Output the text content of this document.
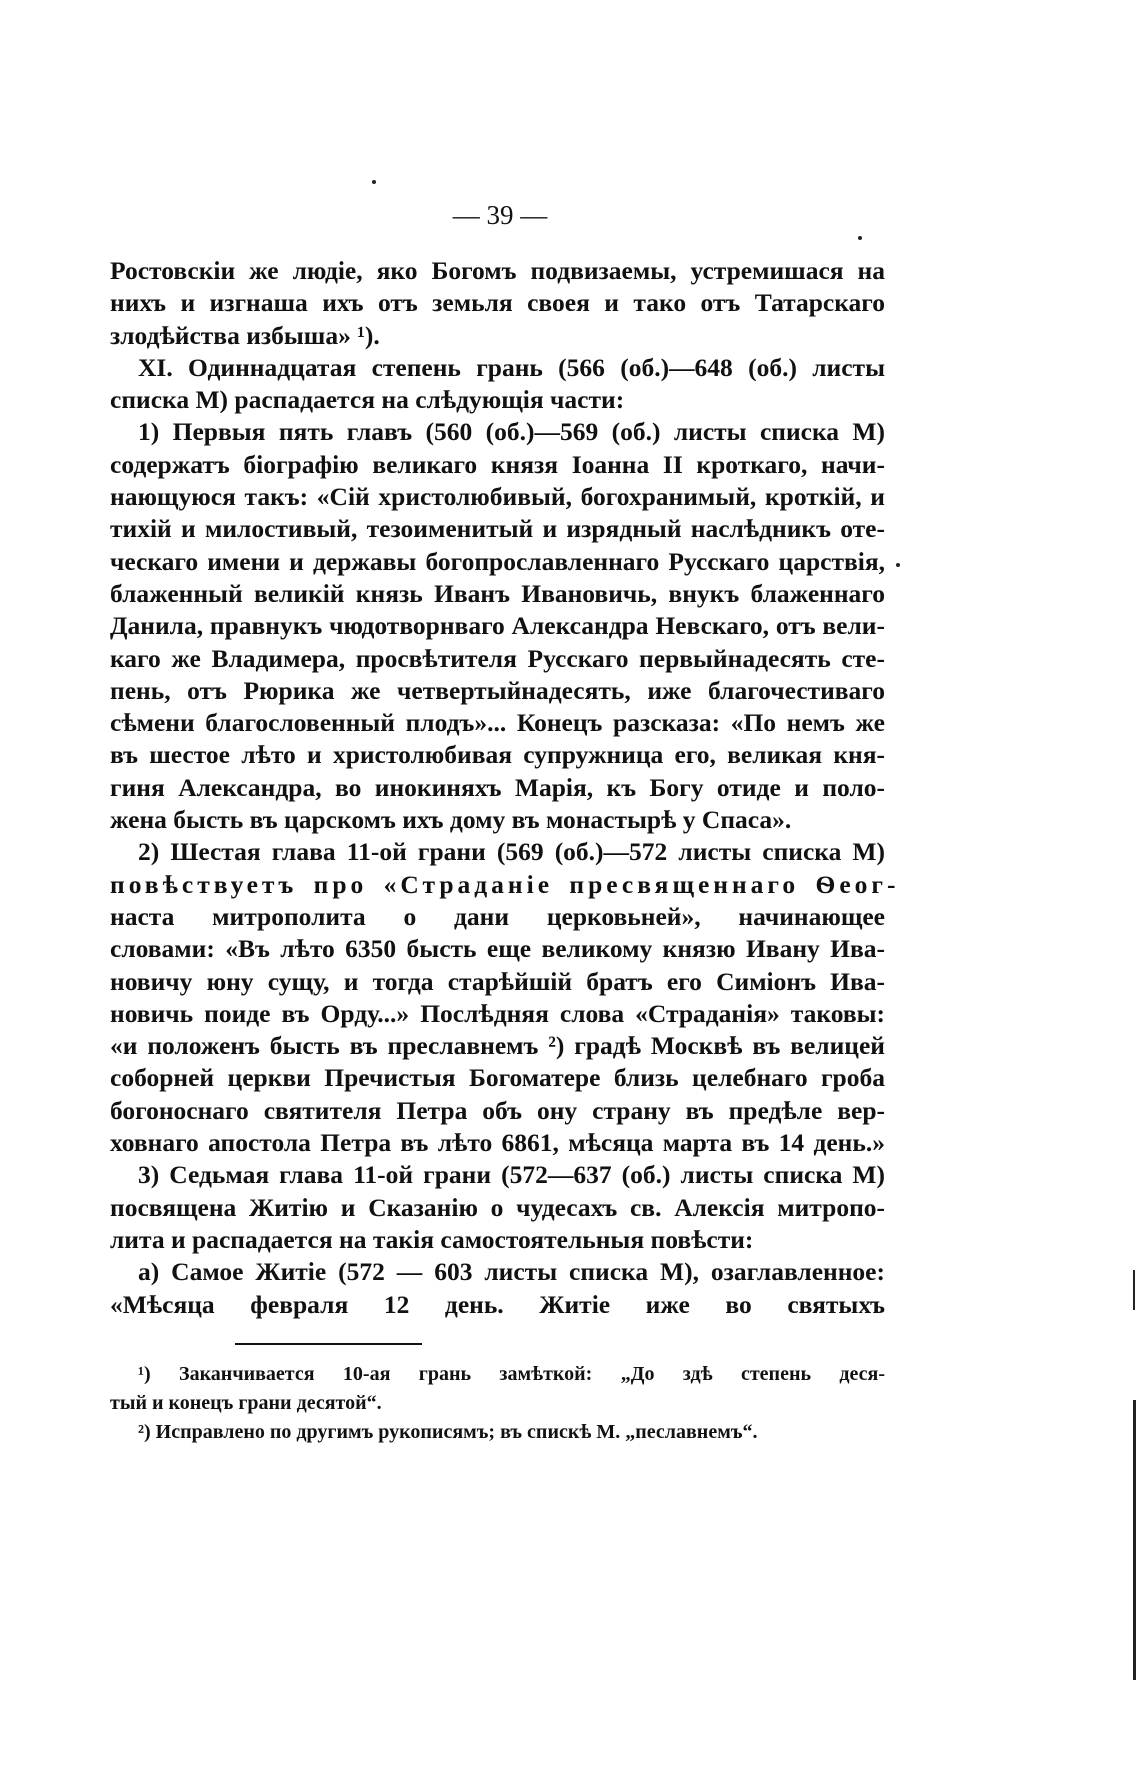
— 39 —
Ростовскіи же людіе, яко Богомъ подвизаемы, устремишася на
нихъ и изгнаша ихъ отъ земьля своея и тако отъ Татарскаго
злодѣйства избыша» ¹).
XI. Одиннадцатая степень грань (566 (об.)—648 (об.) листы
списка М) распадается на слѣдующія части:
1) Первыя пять главъ (560 (об.)—569 (об.) листы списка М)
содержатъ біографію великаго князя Іоанна II кроткаго, начи-
нающуюся такъ: «Сій христолюбивый, богохранимый, кроткій, и
тихій и милостивый, тезоименитый и изрядный наслѣдникъ оте-
ческаго имени и державы богопрославленнаго Русскаго царствія,
блаженный великій князь Иванъ Ивановичь, внукъ блаженнаго
Данила, правнукъ чюдотворнваго Александра Невскаго, отъ вели-
каго же Владимера, просвѣтителя Русскаго первыйнадесять сте-
пень, отъ Рюрика же четвертыйнадесять, иже благочестиваго
сѣмени благословенный плодъ»... Конецъ разсказа: «По немъ же
въ шестое лѣто и христолюбивая супружница его, великая кня-
гиня Александра, во инокиняхъ Марія, къ Богу отиде и поло-
жена бысть въ царскомъ ихъ дому въ монастырѣ у Спаса».
2) Шестая глава 11-ой грани (569 (об.)—572 листы списка М)
повѣствуетъ про «Страданіе пресвященнаго Ѳеог-
наста митрополита о дани церковьней», начинающее
словами: «Въ лѣто 6350 бысть еще великому князю Ивану Ива-
новичу юну сущу, и тогда старѣйшій братъ его Симіонъ Ива-
новичь поиде въ Орду...» Послѣдняя слова «Страданія» таковы:
«и положенъ бысть въ преславнемъ ²) градѣ Москвѣ въ велицей
соборней церкви Пречистыя Богоматере близь целебнаго гроба
богоноснаго святителя Петра объ ону страну въ предѣле вер-
ховнаго апостола Петра въ лѣто 6861, мѣсяца марта въ 14 день.»
3) Седьмая глава 11-ой грани (572—637 (об.) листы списка М)
посвящена Житію и Сказанію о чудесахъ св. Алексія митропо-
лита и распадается на такія самостоятельныя повѣсти:
а) Самое Житіе (572 — 603 листы списка М), озаглавленное:
«Мѣсяца февраля 12 день. Житіе иже во святыхъ
¹) Заканчивается 10-ая грань замѣткой: „До здѣ степень деся-
тый и конецъ грани десятой“.
²) Исправлено по другимъ рукописямъ; въ спискѣ М. „пеславнемъ“.
